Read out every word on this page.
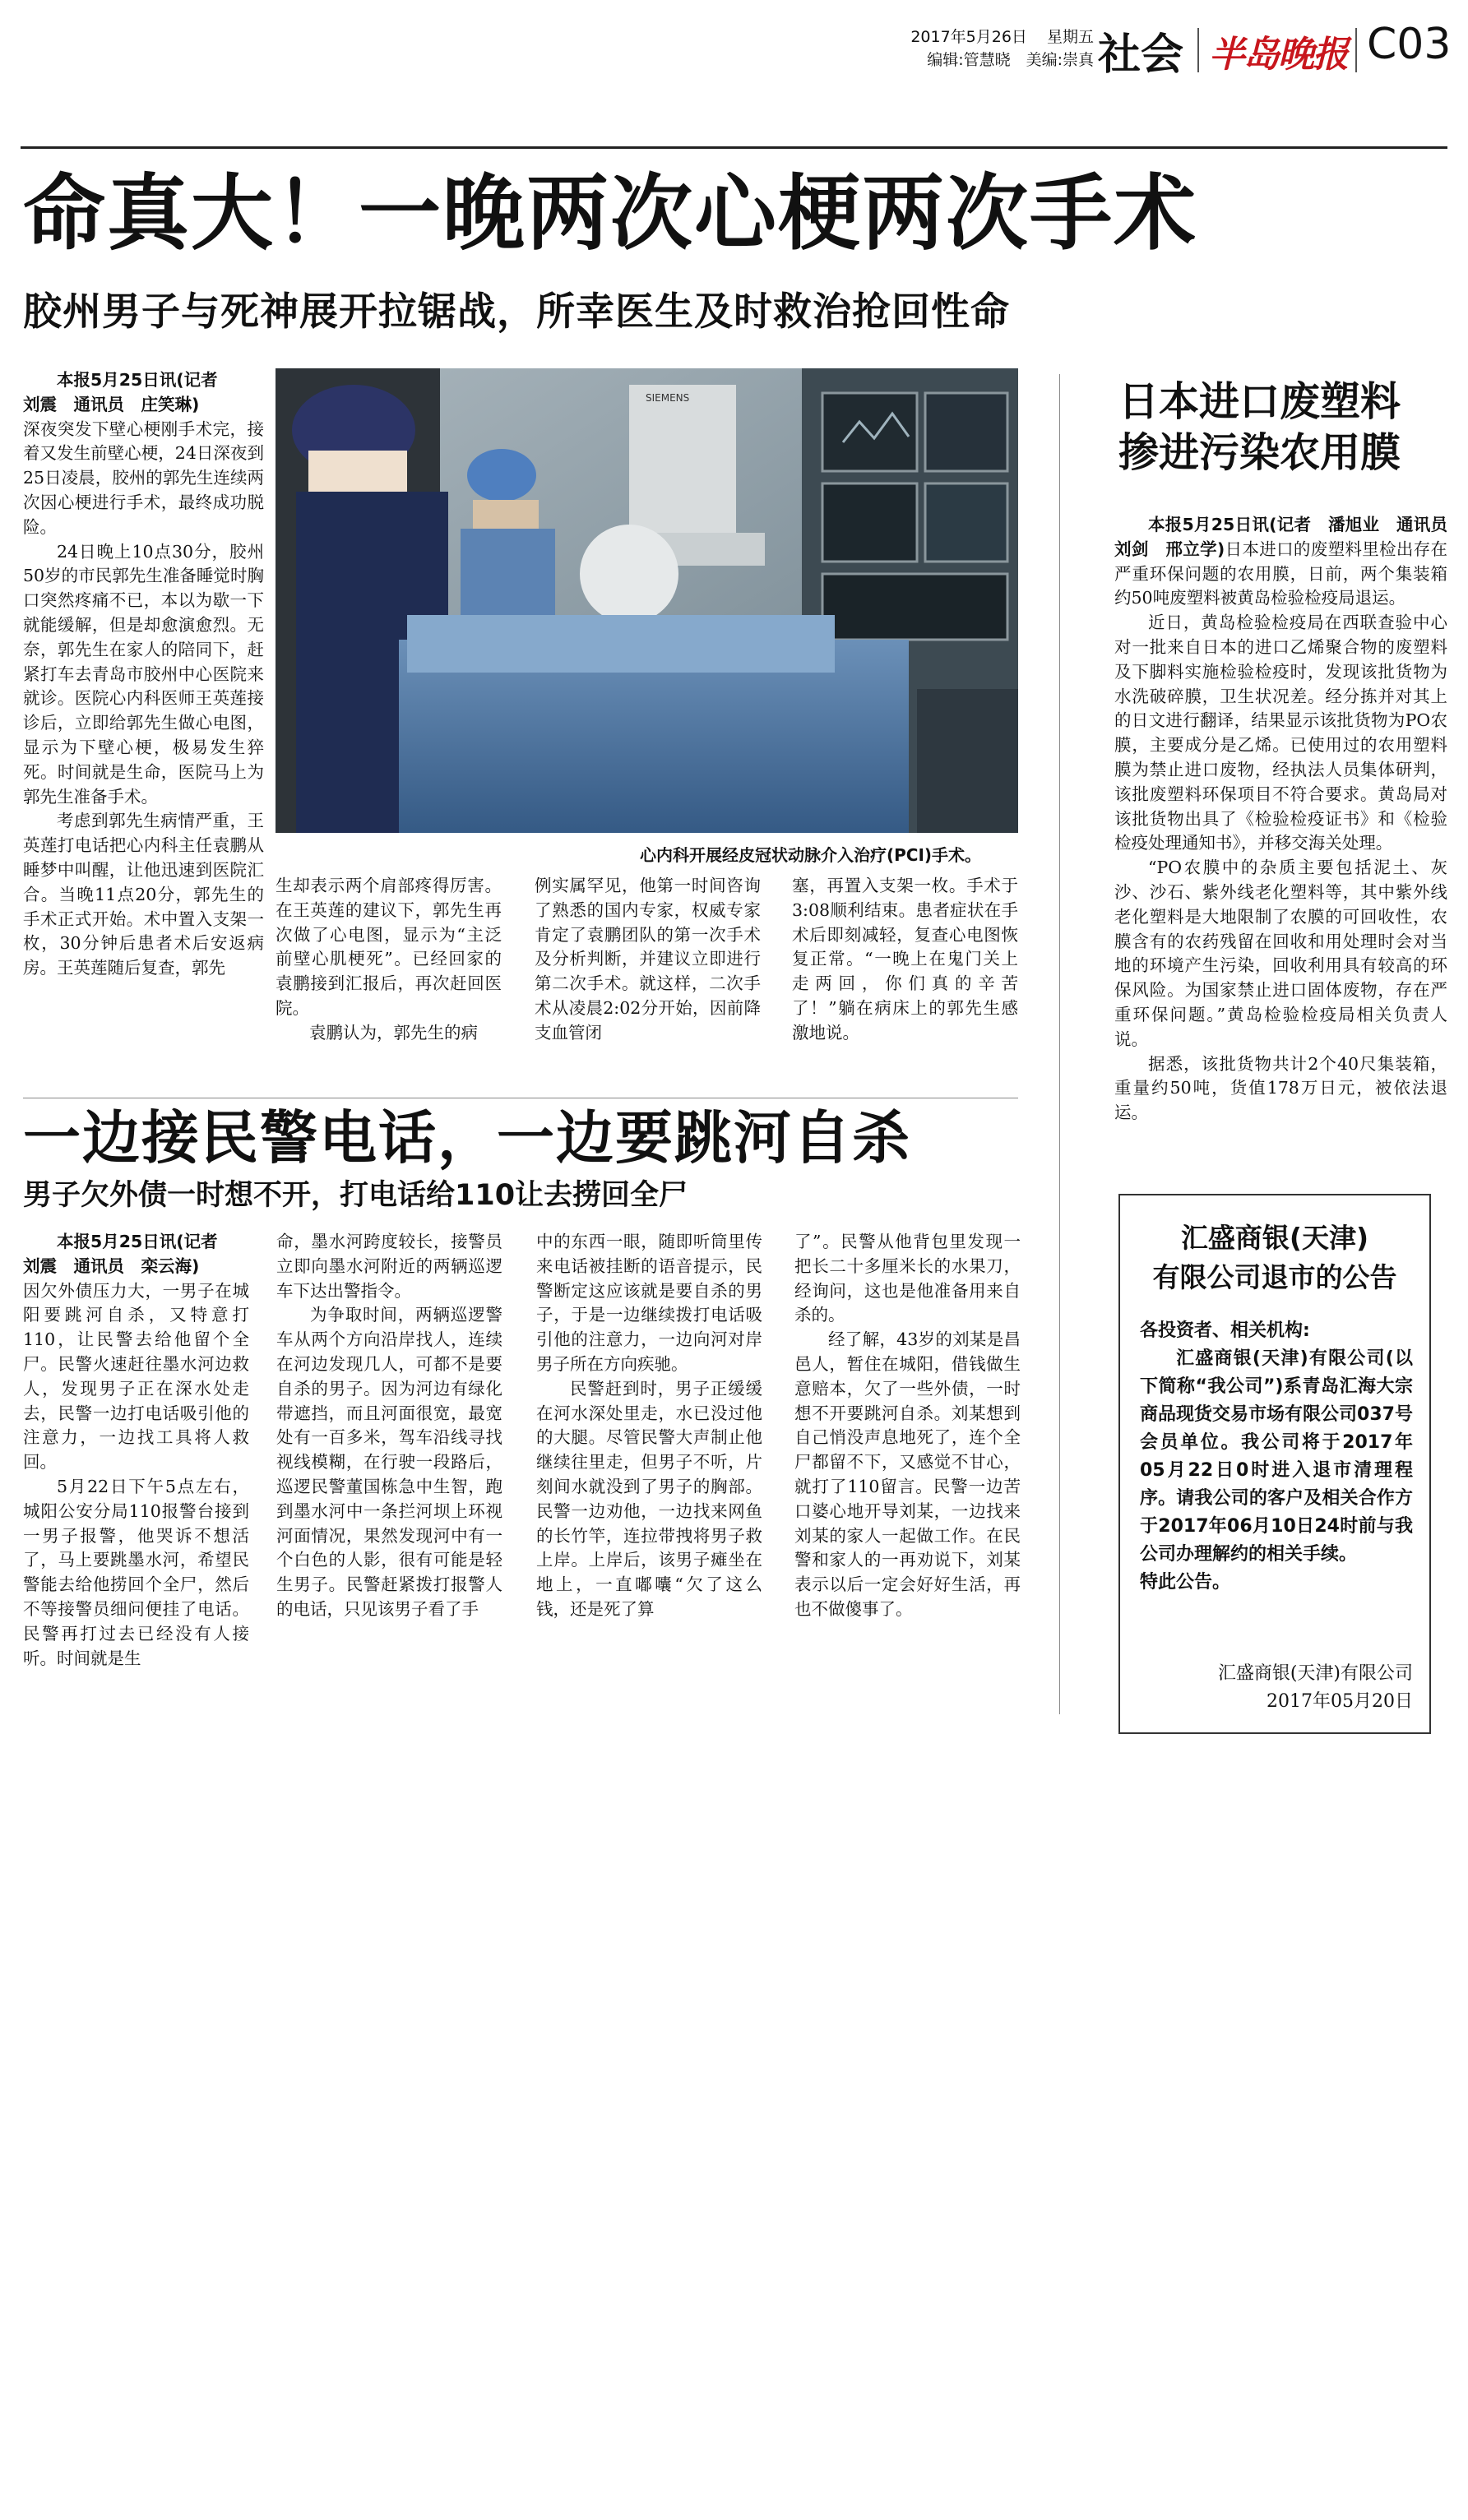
2017年5月26日 星期五
编辑:管慧晓　美编:崇真 社会 半岛晚报 C03
命真大！一晚两次心梗两次手术
胶州男子与死神展开拉锯战，所幸医生及时救治抢回性命
SIEMENS
心内科开展经皮冠状动脉介入治疗(PCI)手术。

本报5月25日讯(记者

刘震　通讯员　庄笑琳)

深夜突发下壁心梗刚手术完，接着又发生前壁心梗，24日深夜到25日凌晨，胶州的郭先生连续两次因心梗进行手术，最终成功脱险。

24日晚上10点30分，胶州50岁的市民郭先生准备睡觉时胸口突然疼痛不已，本以为歇一下就能缓解，但是却愈演愈烈。无奈，郭先生在家人的陪同下，赶紧打车去青岛市胶州中心医院来就诊。医院心内科医师王英莲接诊后，立即给郭先生做心电图，显示为下壁心梗，极易发生猝死。时间就是生命，医院马上为郭先生准备手术。

考虑到郭先生病情严重，王英莲打电话把心内科主任袁鹏从睡梦中叫醒，让他迅速到医院汇合。当晚11点20分，郭先生的手术正式开始。术中置入支架一枚，30分钟后患者术后安返病房。王英莲随后复查，郭先

生却表示两个肩部疼得厉害。在王英莲的建议下，郭先生再次做了心电图，显示为“主泛前壁心肌梗死”。已经回家的袁鹏接到汇报后，再次赶回医院。

袁鹏认为，郭先生的病

例实属罕见，他第一时间咨询了熟悉的国内专家，权威专家肯定了袁鹏团队的第一次手术及分析判断，并建议立即进行第二次手术。就这样，二次手术从凌晨2:02分开始，因前降支血管闭

塞，再置入支架一枚。手术于3:08顺利结束。患者症状在手术后即刻减轻，复查心电图恢复正常。“一晚上在鬼门关上走两回，你们真的辛苦了！”躺在病床上的郭先生感激地说。

日本进口废塑料
掺进污染农用膜

本报5月25日讯(记者　潘旭业　通讯员　刘剑　邢立学)日本进口的废塑料里检出存在严重环保问题的农用膜，日前，两个集装箱约50吨废塑料被黄岛检验检疫局退运。

近日，黄岛检验检疫局在西联查验中心对一批来自日本的进口乙烯聚合物的废塑料及下脚料实施检验检疫时，发现该批货物为水洗破碎膜，卫生状况差。经分拣并对其上的日文进行翻译，结果显示该批货物为PO农膜，主要成分是乙烯。已使用过的农用塑料膜为禁止进口废物，经执法人员集体研判，该批废塑料环保项目不符合要求。黄岛局对该批货物出具了《检验检疫证书》和《检验检疫处理通知书》，并移交海关处理。

“PO农膜中的杂质主要包括泥土、灰沙、沙石、紫外线老化塑料等，其中紫外线老化塑料是大地限制了农膜的可回收性，农膜含有的农药残留在回收和用处理时会对当地的环境产生污染，回收利用具有较高的环保风险。为国家禁止进口固体废物，存在严重环保问题。”黄岛检验检疫局相关负责人说。

据悉，该批货物共计2个40尺集装箱，重量约50吨，货值178万日元，被依法退运。

一边接民警电话，一边要跳河自杀
男子欠外债一时想不开，打电话给110让去捞回全尸

本报5月25日讯(记者

刘震　通讯员　栾云海)

因欠外债压力大，一男子在城阳要跳河自杀，又特意打110，让民警去给他留个全尸。民警火速赶往墨水河边救人，发现男子正在深水处走去，民警一边打电话吸引他的注意力，一边找工具将人救回。

5月22日下午5点左右，城阳公安分局110报警台接到一男子报警，他哭诉不想活了，马上要跳墨水河，希望民警能去给他捞回个全尸，然后不等接警员细问便挂了电话。民警再打过去已经没有人接听。时间就是生

命，墨水河跨度较长，接警员立即向墨水河附近的两辆巡逻车下达出警指令。

为争取时间，两辆巡逻警车从两个方向沿岸找人，连续在河边发现几人，可都不是要自杀的男子。因为河边有绿化带遮挡，而且河面很宽，最宽处有一百多米，驾车沿线寻找视线模糊，在行驶一段路后，巡逻民警董国栋急中生智，跑到墨水河中一条拦河坝上环视河面情况，果然发现河中有一个白色的人影，很有可能是轻生男子。民警赶紧拨打报警人的电话，只见该男子看了手

中的东西一眼，随即听筒里传来电话被挂断的语音提示，民警断定这应该就是要自杀的男子，于是一边继续拨打电话吸引他的注意力，一边向河对岸男子所在方向疾驰。

民警赶到时，男子正缓缓在河水深处里走，水已没过他的大腿。尽管民警大声制止他继续往里走，但男子不听，片刻间水就没到了男子的胸部。民警一边劝他，一边找来网鱼的长竹竿，连拉带拽将男子救上岸。上岸后，该男子瘫坐在地上，一直嘟囔“欠了这么钱，还是死了算

了”。民警从他背包里发现一把长二十多厘米长的水果刀，经询问，这也是他准备用来自杀的。

经了解，43岁的刘某是昌邑人，暂住在城阳，借钱做生意赔本，欠了一些外债，一时想不开要跳河自杀。刘某想到自己悄没声息地死了，连个全尸都留不下，又感觉不甘心，就打了110留言。民警一边苦口婆心地开导刘某，一边找来刘某的家人一起做工作。在民警和家人的一再劝说下，刘某表示以后一定会好好生活，再也不做傻事了。

汇盛商银(天津)
有限公司退市的公告
各投资者、相关机构:
汇盛商银(天津)有限公司(以下简称“我公司”)系青岛汇海大宗商品现货交易市场有限公司037号会员单位。我公司将于2017年05月22日0时进入退市清理程序。请我公司的客户及相关合作方于2017年06月10日24时前与我公司办理解约的相关手续。
特此公告。
汇盛商银(天津)有限公司
2017年05月20日
